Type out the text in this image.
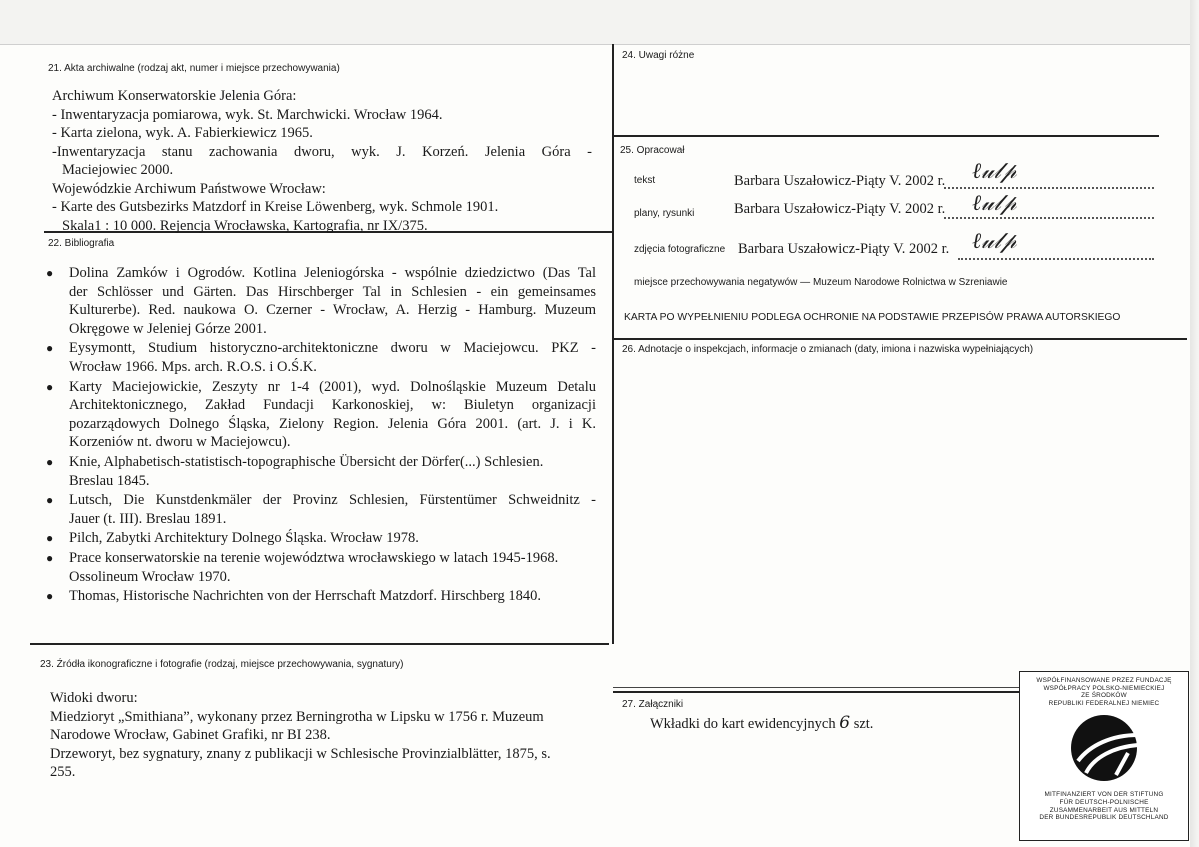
21. Akta archiwalne (rodzaj akt, numer i miejsce przechowywania)
Archiwum Konserwatorskie Jelenia Góra:
- Inwentaryzacja pomiarowa, wyk. St. Marchwicki. Wrocław 1964.
- Karta zielona, wyk. A. Fabierkiewicz 1965.
-Inwentaryzacja stanu zachowania dworu, wyk. J. Korzeń. Jelenia Góra -
Maciejowiec 2000.
Wojewódzkie Archiwum Państwowe Wrocław:
- Karte des Gutsbezirks Matzdorf in Kreise Löwenberg, wyk. Schmole 1901.
Skala1 : 10 000. Rejencja Wrocławska, Kartografia, nr IX/375.
22. Bibliografia
● Dolina Zamków i Ogrodów. Kotlina Jeleniogórska - wspólnie dziedzictwo (Das Tal
der Schlösser und Gärten. Das Hirschberger Tal in Schlesien - ein gemeinsames
Kulturerbe). Red. naukowa O. Czerner - Wrocław, A. Herzig - Hamburg. Muzeum
Okręgowe w Jeleniej Górze 2001.
● Eysymontt, Studium historyczno-architektoniczne dworu w Maciejowcu. PKZ -
Wrocław 1966. Mps. arch. R.O.S. i O.Ś.K.
● Karty Maciejowickie, Zeszyty nr 1-4 (2001), wyd. Dolnośląskie Muzeum Detalu
Architektonicznego, Zakład Fundacji Karkonoskiej, w: Biuletyn organizacji
pozarządowych Dolnego Śląska, Zielony Region. Jelenia Góra 2001. (art. J. i K.
Korzeniów nt. dworu w Maciejowcu).
● Knie, Alphabetisch-statistisch-topographische Übersicht der Dörfer(...) Schlesien.
Breslau 1845.
● Lutsch, Die Kunstdenkmäler der Provinz Schlesien, Fürstentümer Schweidnitz -
Jauer (t. III). Breslau 1891.
● Pilch, Zabytki Architektury Dolnego Śląska. Wrocław 1978.
● Prace konserwatorskie na terenie województwa wrocławskiego w latach 1945-1968.
Ossolineum Wrocław 1970.
● Thomas, Historische Nachrichten von der Herrschaft Matzdorf. Hirschberg 1840.
23. Źródła ikonograficzne i fotografie (rodzaj, miejsce przechowywania, sygnatury)
Widoki dworu:
Miedzioryt „Smithiana”, wykonany przez Berningrotha w Lipsku w 1756 r. Muzeum
Narodowe Wrocław, Gabinet Grafiki, nr BI 238.
Drzeworyt, bez sygnatury, znany z publikacji w Schlesische Provinzialblätter, 1875, s.
255.
24. Uwagi różne
25. Opracował
tekst	Barbara Uszałowicz-Piąty V. 2002 r. ℓ𝓊𝓁𝓅
plany, rysunki	Barbara Uszałowicz-Piąty V. 2002 r. ℓ𝓊𝓁𝓅
zdjęcia fotograficzne Barbara Uszałowicz-Piąty V. 2002 r. ℓ𝓊𝓁𝓅
miejsce przechowywania negatywów — Muzeum Narodowe Rolnictwa w Szreniawie
KARTA PO WYPEŁNIENIU PODLEGA OCHRONIE NA PODSTAWIE PRZEPISÓW PRAWA AUTORSKIEGO
26. Adnotacje o inspekcjach, informacje o zmianach (daty, imiona i nazwiska wypełniających)
27. Załączniki
Wkładki do kart ewidencyjnych 6 szt.
WSPÓŁFINANSOWANE PRZEZ FUNDACJĘ
WSPÓŁPRACY POLSKO-NIEMIECKIEJ
ZE ŚRODKÓW
REPUBLIKI FEDERALNEJ NIEMIEC
MITFINANZIERT VON DER STIFTUNG
FÜR DEUTSCH-POLNISCHE
ZUSAMMENARBEIT AUS MITTELN
DER BUNDESREPUBLIK DEUTSCHLAND
